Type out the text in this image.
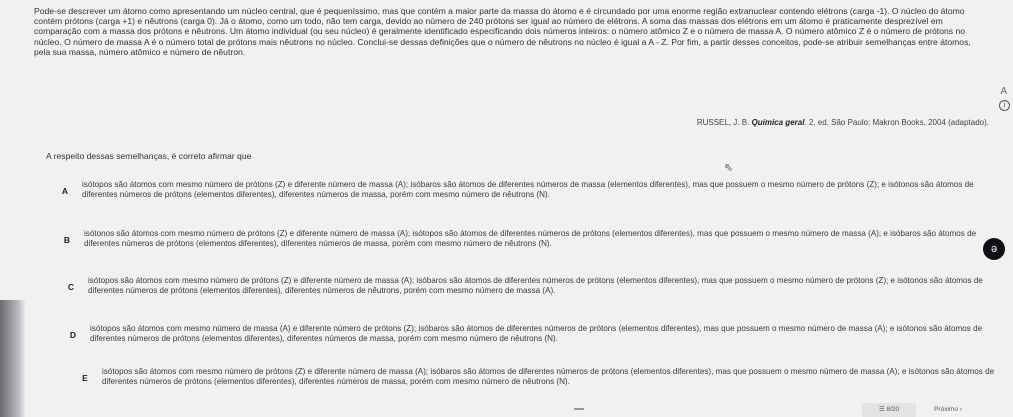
Pode-se descrever um átomo como apresentando um núcleo central, que é pequeníssimo, mas que contém a maior parte da massa do átomo e é circundado por uma enorme região extranuclear contendo elétrons (carga -1). O núcleo do átomo contém prótons (carga +1) e nêutrons (carga 0). Já o átomo, como um todo, não tem carga, devido ao número de 240 prótons ser igual ao número de elétrons. A soma das massas dos elétrons em um átomo é praticamente desprezível em comparação com a massa dos prótons e nêutrons. Um átomo individual (ou seu núcleo) é geralmente identificado especificando dois números inteiros: o número atômico Z e o número de massa A. O número atômico Z é o número de prótons no núcleo. O número de massa A é o número total de prótons mais nêutrons no núcleo. Conclui-se dessas definições que o número de nêutrons no núcleo é igual a A - Z. Por fim, a partir desses conceitos, pode-se atribuir semelhanças entre átomos, pela sua massa, número atômico e número de nêutron.

A
i
RUSSEL, J. B. Química geral. 2. ed. São Paulo: Makron Books, 2004 (adaptado).
A respeito dessas semelhanças, é correto afirmar que
⇖
A
isótopos são átomos com mesmo número de prótons (Z) e diferente número de massa (A); isóbaros são átomos de diferentes números de massa (elementos diferentes), mas que possuem o mesmo número de prótons (Z); e isótonos são átomos de diferentes números de prótons (elementos diferentes), diferentes números de massa, porém com mesmo número de nêutrons (N).
B
isótonos são átomos com mesmo número de prótons (Z) e diferente número de massa (A); isótopos são átomos de diferentes números de prótons (elementos diferentes), mas que possuem o mesmo número de massa (A); e isóbaros são átomos de diferentes números de prótons (elementos diferentes), diferentes números de massa, porém com mesmo número de nêutrons (N).
C
isótopos são átomos com mesmo número de prótons (Z) e diferente número de massa (A); isóbaros são átomos de diferentes números de prótons (elementos diferentes), mas que possuem o mesmo número de prótons (Z); e isótonos são átomos de diferentes números de prótons (elementos diferentes), diferentes números de nêutrons, porém com mesmo número de massa (A).
D
isótopos são átomos com mesmo número de massa (A) e diferente número de prótons (Z); isóbaros são átomos de diferentes números de prótons (elementos diferentes), mas que possuem o mesmo número de massa (A); e isótonos são átomos de diferentes números de prótons (elementos diferentes), diferentes números de massa, porém com mesmo número de nêutrons (N).
E
isótopos são átomos com mesmo número de prótons (Z) e diferente número de massa (A); isóbaros são átomos de diferentes números de prótons (elementos diferentes), mas que possuem o mesmo número de massa (A); e isótonos são átomos de diferentes números de prótons (elementos diferentes), diferentes números de massa, porém com mesmo número de nêutrons (N).
ǝ
☰ 8/20	Próximo ›
